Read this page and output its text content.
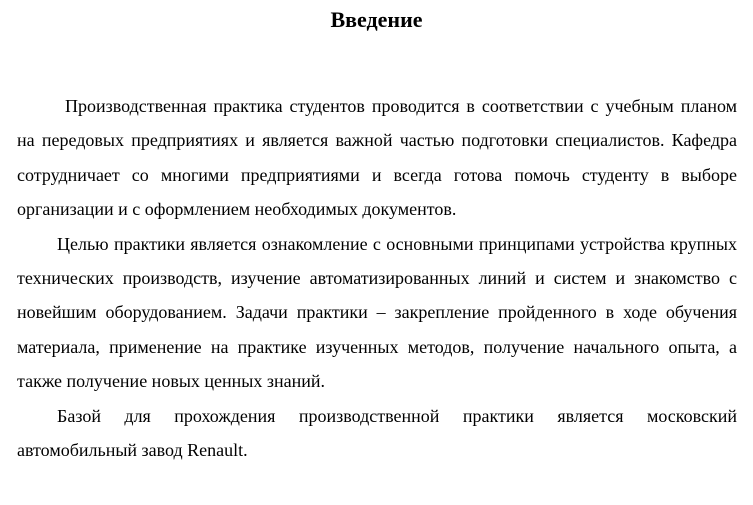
Введение

Производственная практика студентов проводится в соответствии с учебным планом на передовых предприятиях и является важной частью подготовки специалистов. Кафедра сотрудничает со многими предприятиями и всегда готова помочь студенту в выборе организации и с оформлением необходимых документов.

Целью практики является ознакомление с основными принципами устройства крупных технических производств, изучение автоматизированных линий и систем и знакомство с новейшим оборудованием. Задачи практики – закрепление пройденного в ходе обучения материала, применение на практике изученных методов, получение начального опыта, а также получение новых ценных знаний.

Базой для прохождения производственной практики является московский автомобильный завод Renault.
